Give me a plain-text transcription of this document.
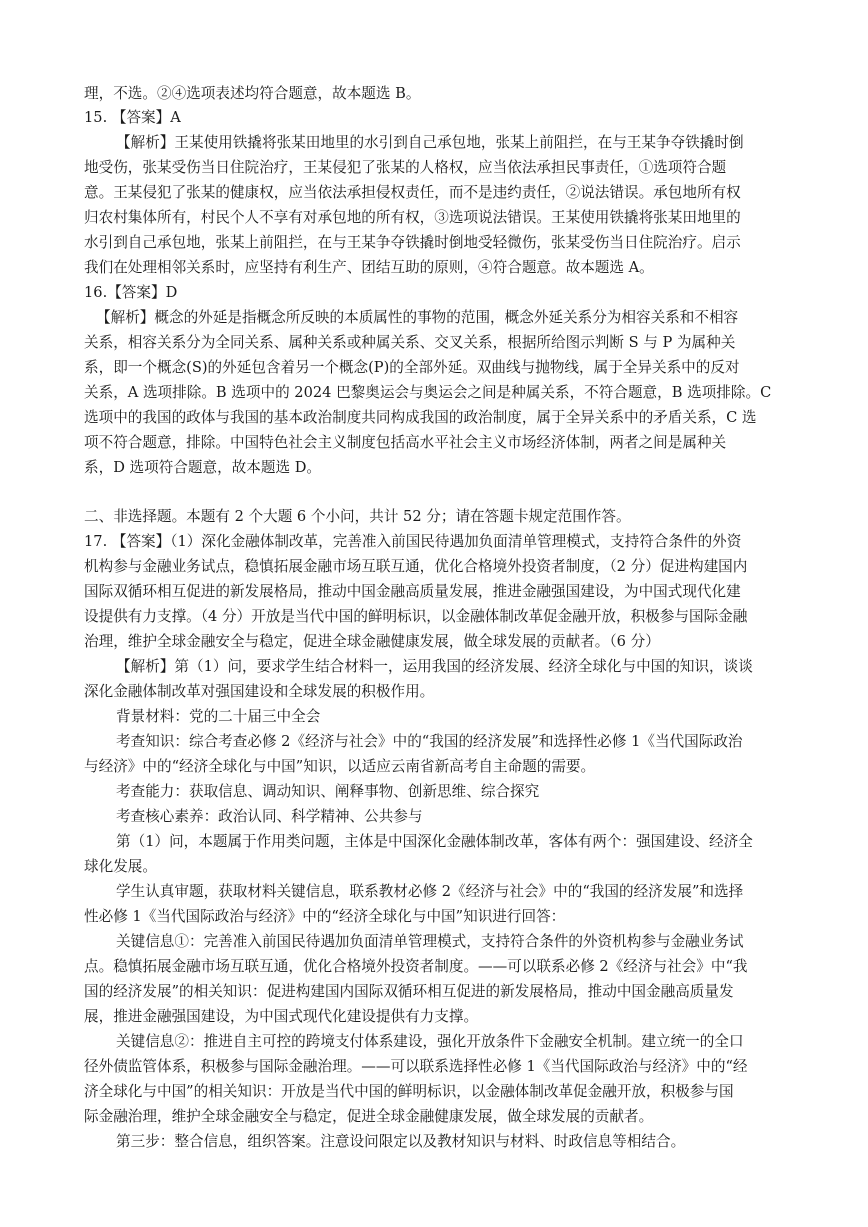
理，不选。②④选项表述均符合题意，故本题选 B。
15. 【答案】A
【解析】王某使用铁撬将张某田地里的水引到自己承包地，张某上前阻拦，在与王某争夺铁撬时倒
地受伤，张某受伤当日住院治疗，王某侵犯了张某的人格权，应当依法承担民事责任，①选项符合题
意。王某侵犯了张某的健康权，应当依法承担侵权责任，而不是违约责任，②说法错误。承包地所有权
归农村集体所有，村民个人不享有对承包地的所有权，③选项说法错误。王某使用铁撬将张某田地里的
水引到自己承包地，张某上前阻拦，在与王某争夺铁撬时倒地受轻微伤，张某受伤当日住院治疗。启示
我们在处理相邻关系时，应坚持有利生产、团结互助的原则，④符合题意。故本题选 A。
16.【答案】D
【解析】概念的外延是指概念所反映的本质属性的事物的范围，概念外延关系分为相容关系和不相容
关系，相容关系分为全同关系、属种关系或种属关系、交叉关系，根据所给图示判断 S 与 P 为属种关
系，即一个概念(S)的外延包含着另一个概念(P)的全部外延。双曲线与抛物线，属于全异关系中的反对
关系，A 选项排除。B 选项中的 2024 巴黎奥运会与奥运会之间是种属关系，不符合题意，B 选项排除。C
选项中的我国的政体与我国的基本政治制度共同构成我国的政治制度，属于全异关系中的矛盾关系，C 选
项不符合题意，排除。中国特色社会主义制度包括高水平社会主义市场经济体制，两者之间是属种关
系，D 选项符合题意，故本题选 D。
二、非选择题。本题有 2 个大题 6 个小问，共计 52 分；请在答题卡规定范围作答。
17. 【答案】（1）深化金融体制改革，完善准入前国民待遇加负面清单管理模式，支持符合条件的外资
机构参与金融业务试点，稳慎拓展金融市场互联互通，优化合格境外投资者制度，（2 分）促进构建国内
国际双循环相互促进的新发展格局，推动中国金融高质量发展，推进金融强国建设，为中国式现代化建
设提供有力支撑。（4 分）开放是当代中国的鲜明标识，以金融体制改革促金融开放，积极参与国际金融
治理，维护全球金融安全与稳定，促进全球金融健康发展，做全球发展的贡献者。（6 分）
【解析】第（1）问，要求学生结合材料一，运用我国的经济发展、经济全球化与中国的知识，谈谈
深化金融体制改革对强国建设和全球发展的积极作用。
背景材料：党的二十届三中全会
考查知识：综合考查必修 2《经济与社会》中的“我国的经济发展”和选择性必修 1《当代国际政治
与经济》中的“经济全球化与中国”知识，以适应云南省新高考自主命题的需要。
考查能力：获取信息、调动知识、阐释事物、创新思维、综合探究
考查核心素养：政治认同、科学精神、公共参与
第（1）问，本题属于作用类问题，主体是中国深化金融体制改革，客体有两个：强国建设、经济全
球化发展。
学生认真审题，获取材料关键信息，联系教材必修 2《经济与社会》中的“我国的经济发展”和选择
性必修 1《当代国际政治与经济》中的“经济全球化与中国”知识进行回答：
关键信息①：完善准入前国民待遇加负面清单管理模式，支持符合条件的外资机构参与金融业务试
点。稳慎拓展金融市场互联互通，优化合格境外投资者制度。——可以联系必修 2《经济与社会》中“我
国的经济发展”的相关知识：促进构建国内国际双循环相互促进的新发展格局，推动中国金融高质量发
展，推进金融强国建设，为中国式现代化建设提供有力支撑。
关键信息②：推进自主可控的跨境支付体系建设，强化开放条件下金融安全机制。建立统一的全口
径外债监管体系，积极参与国际金融治理。——可以联系选择性必修 1《当代国际政治与经济》中的“经
济全球化与中国”的相关知识：开放是当代中国的鲜明标识，以金融体制改革促金融开放，积极参与国
际金融治理，维护全球金融安全与稳定，促进全球金融健康发展，做全球发展的贡献者。
第三步：整合信息，组织答案。注意设问限定以及教材知识与材料、时政信息等相结合。
